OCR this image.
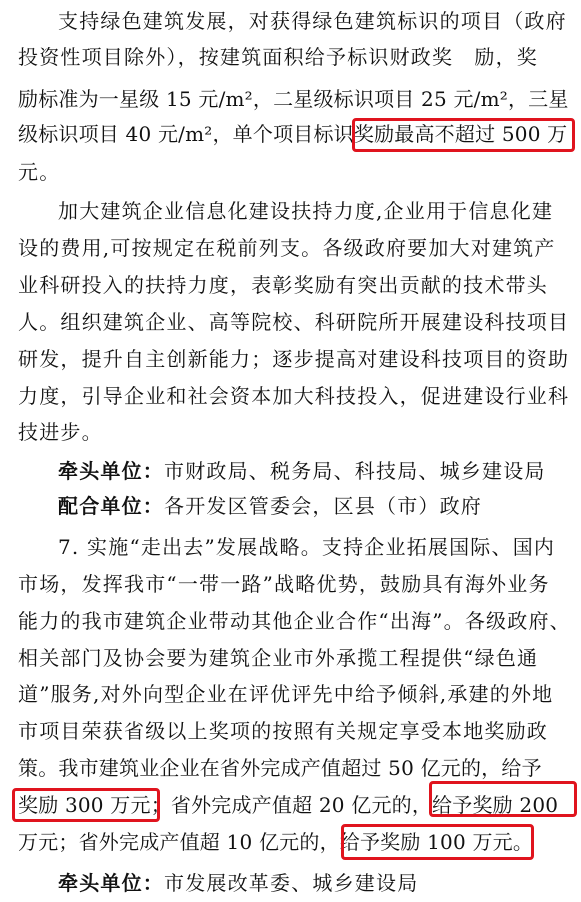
支持绿色建筑发展，对获得绿色建筑标识的项目（政府
投资性项目除外），按建筑面积给予标识财政奖　励，奖
励标准为一星级 15 元/m²，二星级标识项目 25 元/m²，三星
级标识项目 40 元/m²，单个项目标识奖励最高不超过 500 万
元。
加大建筑企业信息化建设扶持力度,企业用于信息化建
设的费用,可按规定在税前列支。各级政府要加大对建筑产
业科研投入的扶持力度，表彰奖励有突出贡献的技术带头
人。组织建筑企业、高等院校、科研院所开展建设科技项目
研发，提升自主创新能力；逐步提高对建设科技项目的资助
力度，引导企业和社会资本加大科技投入，促进建设行业科
技进步。
牵头单位：市财政局、税务局、科技局、城乡建设局
配合单位：各开发区管委会，区县（市）政府
7. 实施“走出去”发展战略。支持企业拓展国际、国内
市场，发挥我市“一带一路”战略优势，鼓励具有海外业务
能力的我市建筑企业带动其他企业合作“出海”。各级政府、
相关部门及协会要为建筑企业市外承揽工程提供“绿色通
道”服务,对外向型企业在评优评先中给予倾斜,承建的外地
市项目荣获省级以上奖项的按照有关规定享受本地奖励政
策。我市建筑业企业在省外完成产值超过 50 亿元的，给予
奖励 300 万元；省外完成产值超 20 亿元的，给予奖励 200
万元；省外完成产值超 10 亿元的，给予奖励 100 万元。
牵头单位：市发展改革委、城乡建设局
